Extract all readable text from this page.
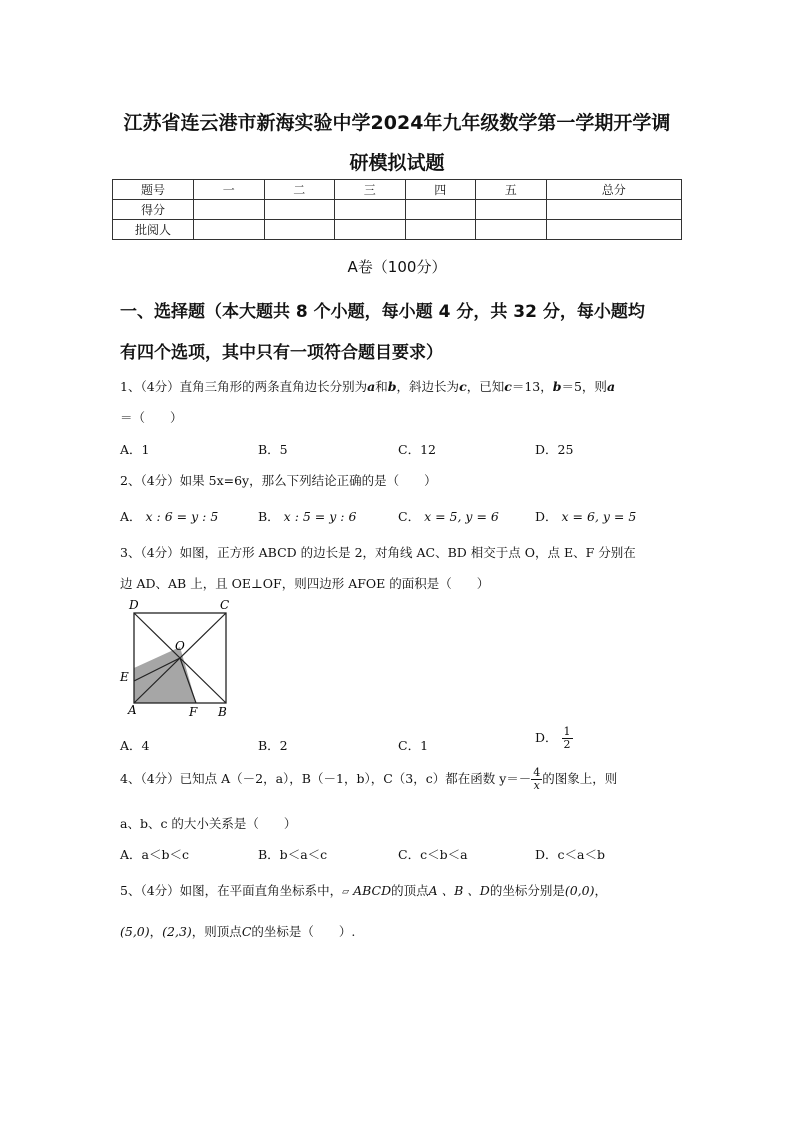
江苏省连云港市新海实验中学2024年九年级数学第一学期开学调
研模拟试题
题号	一	二	三	四	五	总分
得分						
批阅人						
A卷（100分）
一、选择题（本大题共 8 个小题，每小题 4 分，共 32 分，每小题均
有四个选项，其中只有一项符合题目要求）
1、（4分）直角三角形的两条直角边长分别为a和b，斜边长为c，已知c＝13，b＝5，则a
＝（　　）
A．1	B．5	C．12	D．25
2、（4分）如果 5x=6y，那么下列结论正确的是（　　）
A． x : 6 = y : 5	B． x : 5 = y : 6	C． x = 5, y = 6	D． x = 6, y = 5
3、（4分）如图，正方形 ABCD 的边长是 2，对角线 AC、BD 相交于点 O，点 E、F 分别在
边 AD、AB 上，且 OE⊥OF，则四边形 AFOE 的面积是（　　）
D	C
O
E
A	F B
A．4	B．2	C．1
D． $\frac{1}{2}$
4、（4分）已知点 A（－2，a），B（－1，b），C（3，c）都在函数 $y=- \frac{4}{x}$ 的图象上，则
a、b、c 的大小关系是（　　）
A．a＜b＜c	B．b＜a＜c	C．c＜b＜a	D．c＜a＜b
5、（4分）如图，在平面直角坐标系中，▱ ABCD的顶点A 、B 、D的坐标分别是(0,0)，
(5,0)，(2,3)，则顶点C的坐标是（　　）.
